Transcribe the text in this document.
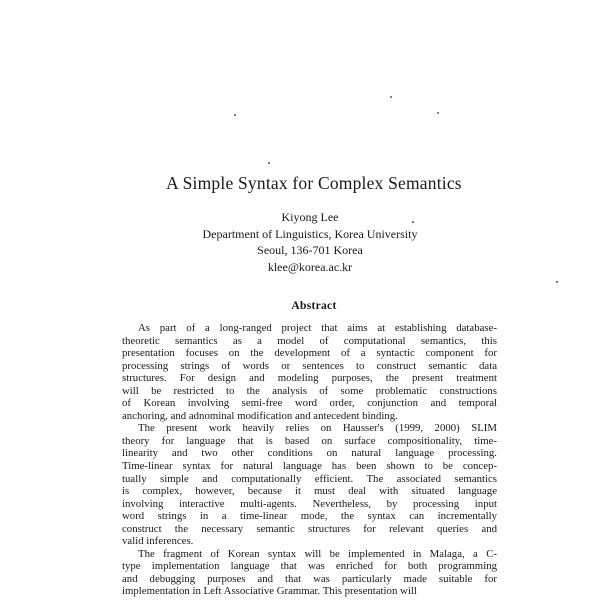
A Simple Syntax for Complex Semantics
Kiyong Lee
Department of Linguistics, Korea University
Seoul, 136-701 Korea
klee@korea.ac.kr
Abstract
As part of a long-ranged project that aims at establishing database-
theoretic semantics as a model of computational semantics, this
presentation focuses on the development of a syntactic component for
processing strings of words or sentences to construct semantic data
structures. For design and modeling purposes, the present treatment
will be restricted to the analysis of some problematic constructions
of Korean involving semi-free word order, conjunction and temporal
anchoring, and adnominal modification and antecedent binding.
The present work heavily relies on Hausser's (1999, 2000) SLIM
theory for language that is based on surface compositionality, time-
linearity and two other conditions on natural language processing.
Time-linear syntax for natural language has been shown to be concep-
tually simple and computationally efficient. The associated semantics
is complex, however, because it must deal with situated language
involving interactive multi-agents. Nevertheless, by processing input
word strings in a time-linear mode, the syntax can incrementally
construct the necessary semantic structures for relevant queries and
valid inferences.
The fragment of Korean syntax will be implemented in Malaga, a C-
type implementation language that was enriched for both programming
and debugging purposes and that was particularly made suitable for
implementation in Left Associative Grammar. This presentation will
